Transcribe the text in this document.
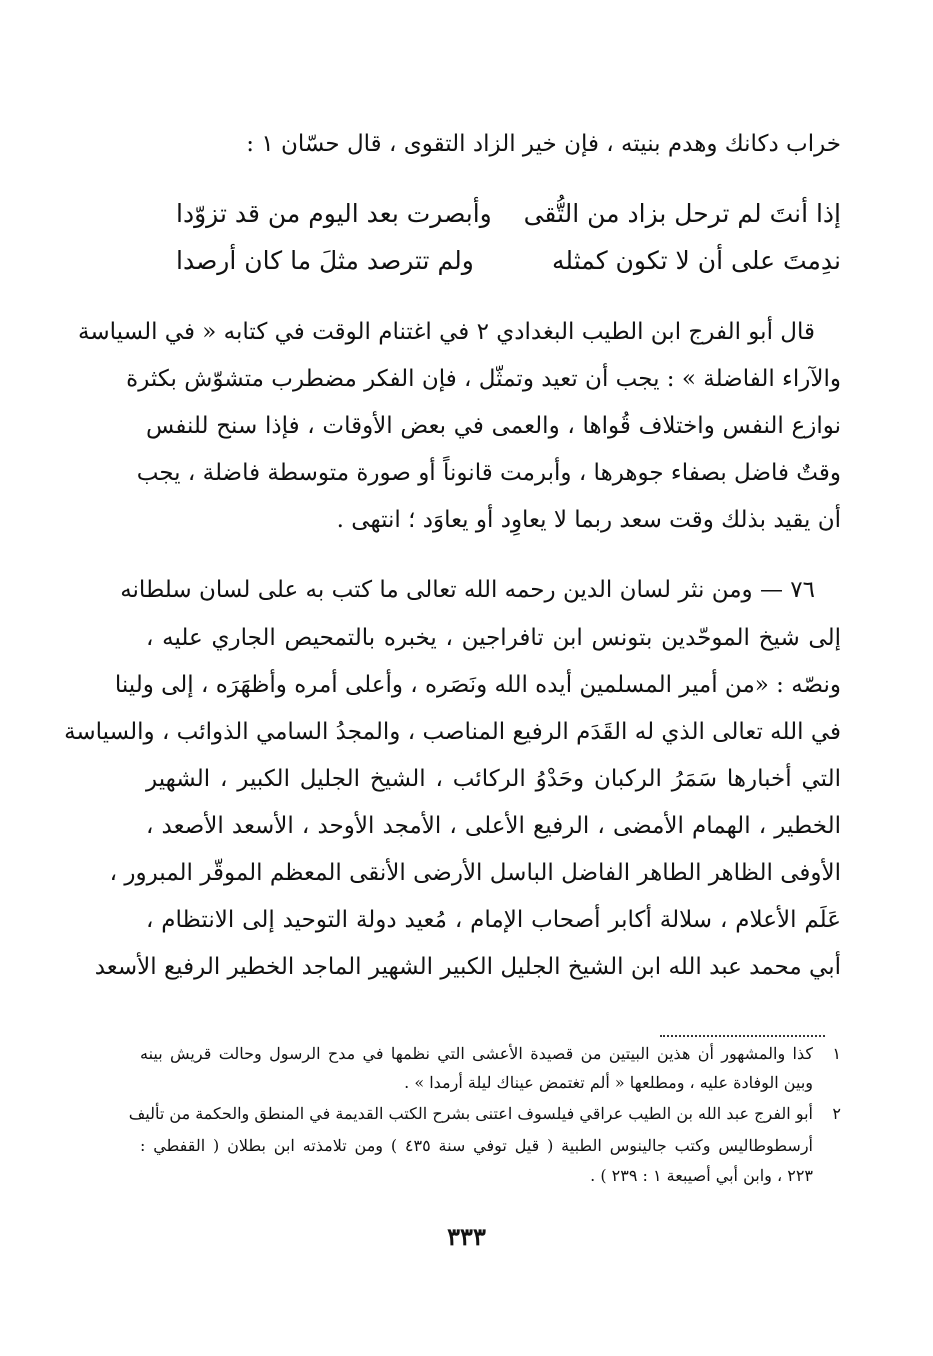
خراب دكانك وهدم بنيته ، فإن خير الزاد التقوى ، قال حسّان ١ :
إذا أنتَ لم ترحل بزاد من التُّقى
وأبصرت بعد اليوم من قد تزوّدا
ندِمتَ على أن لا تكون كمثله
ولم تترصد مثلَ ما كان أرصدا
قال أبو الفرج ابن الطيب البغدادي ٢ في اغتنام الوقت في كتابه « في السياسة
والآراء الفاضلة » : يجب أن تعيد وتمثّل ، فإن الفكر مضطرب متشوّش بكثرة
نوازع النفس واختلاف قُواها ، والعمى في بعض الأوقات ، فإذا سنح للنفس
وقتٌ فاضل بصفاء جوهرها ، وأبرمت قانوناً أو صورة متوسطة فاضلة ، يجب
أن يقيد بذلك وقت سعد ربما لا يعاوِد أو يعاوَد ؛ انتهى .
٧٦ — ومن نثر لسان الدين رحمه الله تعالى ما كتب به على لسان سلطانه
إلى شيخ الموحّدين بتونس ابن تافراجين ، يخبره بالتمحيص الجاري عليه ،
ونصّه : «من أمير المسلمين أيده الله ونَصَره ، وأعلى أمره وأظهَرَه ، إلى ولينا
في الله تعالى الذي له القَدَم الرفيع المناصب ، والمجدُ السامي الذوائب ، والسياسة
التي أخبارها سَمَرُ الركبان وحَدْوُ الركائب ، الشيخ الجليل الكبير ، الشهير
الخطير ، الهمام الأمضى ، الرفيع الأعلى ، الأمجد الأوحد ، الأسعد الأصعد ،
الأوفى الظاهر الطاهر الفاضل الباسل الأرضى الأنقى المعظم الموقّر المبرور ،
عَلَم الأعلام ، سلالة أكابر أصحاب الإمام ، مُعيد دولة التوحيد إلى الانتظام ،
أبي محمد عبد الله ابن الشيخ الجليل الكبير الشهير الماجد الخطير الرفيع الأسعد
١
كذا والمشهور أن هذين البيتين من قصيدة الأعشى التي نظمها في مدح الرسول وحالت قريش بينه
وبين الوفادة عليه ، ومطلعها « ألم تغتمض عيناك ليلة أرمدا » .
٢
أبو الفرج عبد الله بن الطيب عراقي فيلسوف اعتنى بشرح الكتب القديمة في المنطق والحكمة من تأليف
أرسطوطاليس وكتب جالينوس الطبية ( قيل توفي سنة ٤٣٥ ) ومن تلامذته ابن بطلان ( القفطي :
٢٢٣ ، وابن أبي أصيبعة ١ : ٢٣٩ ) .
٣٣٣
